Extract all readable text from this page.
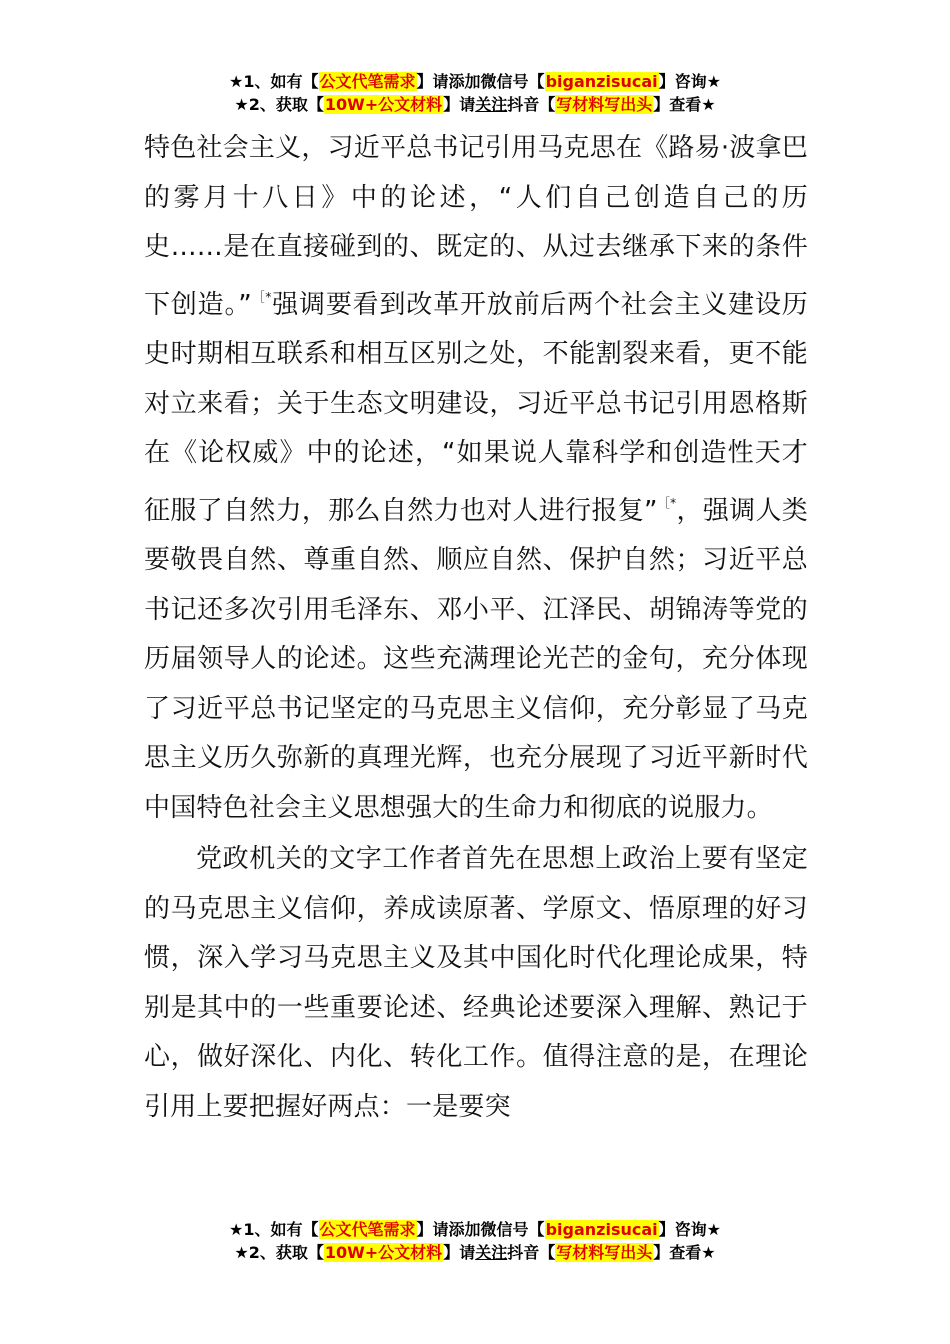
★1、如有【公文代笔需求】请添加微信号【biganzisucai】咨询★
★2、获取【10W+公文材料】请关注抖音【写材料写出头】查看★

特色社会主义，习近平总书记引用马克思在《路易·波拿巴的雾月十八日》中的论述，“人们自己创造自己的历史……是在直接碰到的、既定的、从过去继承下来的条件下创造。”［*强调要看到改革开放前后两个社会主义建设历史时期相互联系和相互区别之处，不能割裂来看，更不能对立来看；关于生态文明建设，习近平总书记引用恩格斯在《论权威》中的论述，“如果说人靠科学和创造性天才征服了自然力，那么自然力也对人进行报复”［*，强调人类要敬畏自然、尊重自然、顺应自然、保护自然；习近平总书记还多次引用毛泽东、邓小平、江泽民、胡锦涛等党的历届领导人的论述。这些充满理论光芒的金句，充分体现了习近平总书记坚定的马克思主义信仰，充分彰显了马克思主义历久弥新的真理光辉，也充分展现了习近平新时代中国特色社会主义思想强大的生命力和彻底的说服力。

党政机关的文字工作者首先在思想上政治上要有坚定的马克思主义信仰，养成读原著、学原文、悟原理的好习惯，深入学习马克思主义及其中国化时代化理论成果，特别是其中的一些重要论述、经典论述要深入理解、熟记于心，做好深化、内化、转化工作。值得注意的是，在理论引用上要把握好两点：一是要突

★1、如有【公文代笔需求】请添加微信号【biganzisucai】咨询★
★2、获取【10W+公文材料】请关注抖音【写材料写出头】查看★
